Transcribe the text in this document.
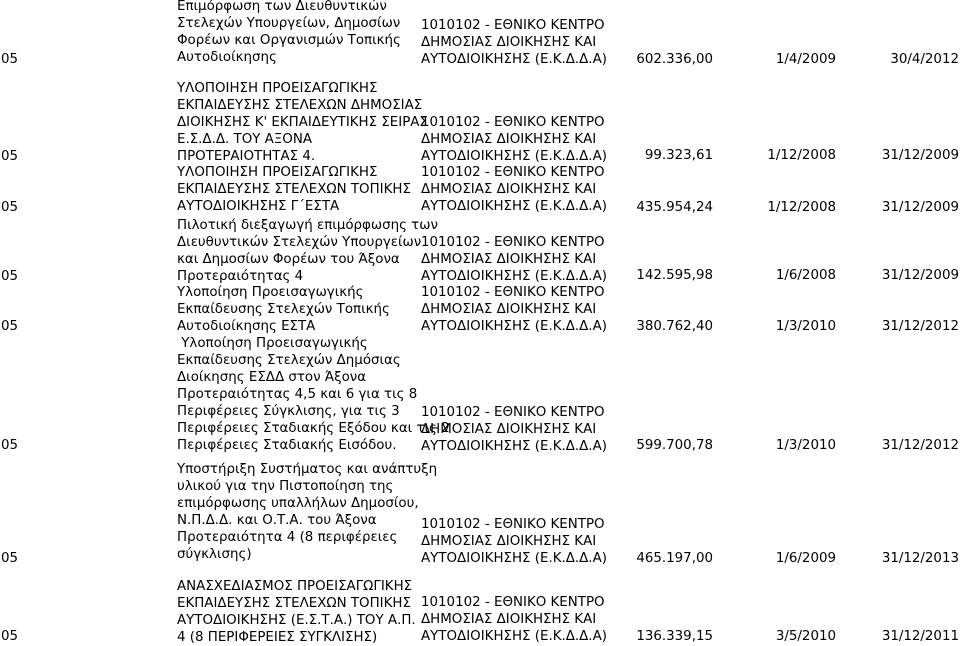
05
Επιμόρφωση των Διευθυντικών
Στελεχών Υπουργείων, Δημοσίων
Φορέων και Οργανισμών Τοπικής
Αυτοδιοίκησης
1010102 - ΕΘΝΙΚΟ ΚΕΝΤΡΟ
ΔΗΜΟΣΙΑΣ ΔΙΟΙΚΗΣΗΣ ΚΑΙ
ΑΥΤΟΔΙΟΙΚΗΣΗΣ (Ε.Κ.Δ.Δ.Α)	602.336,00	1/4/2009	30/4/2012
05
ΥΛΟΠΟΙΗΣΗ ΠΡΟΕΙΣΑΓΩΓΙΚΗΣ
ΕΚΠΑΙΔΕΥΣΗΣ ΣΤΕΛΕΧΩΝ ΔΗΜΟΣΙΑΣ
ΔΙΟΙΚΗΣΗΣ Κ' ΕΚΠΑΙΔΕΥΤΙΚΗΣ ΣΕΙΡΑΣ
Ε.Σ.Δ.Δ. ΤΟΥ ΑΞΟΝΑ
ΠΡΟΤΕΡΑΙΟΤΗΤΑΣ 4.
1010102 - ΕΘΝΙΚΟ ΚΕΝΤΡΟ
ΔΗΜΟΣΙΑΣ ΔΙΟΙΚΗΣΗΣ ΚΑΙ
ΑΥΤΟΔΙΟΙΚΗΣΗΣ (Ε.Κ.Δ.Δ.Α)	99.323,61	1/12/2008	31/12/2009
05
ΥΛΟΠΟΙΗΣΗ ΠΡΟΕΙΣΑΓΩΓΙΚΗΣ
ΕΚΠΑΙΔΕΥΣΗΣ ΣΤΕΛΕΧΩΝ ΤΟΠΙΚΗΣ
ΑΥΤΟΔΙΟΙΚΗΣΗΣ Γ΄ΕΣΤΑ
1010102 - ΕΘΝΙΚΟ ΚΕΝΤΡΟ
ΔΗΜΟΣΙΑΣ ΔΙΟΙΚΗΣΗΣ ΚΑΙ
ΑΥΤΟΔΙΟΙΚΗΣΗΣ (Ε.Κ.Δ.Δ.Α)	435.954,24	1/12/2008	31/12/2009
05
Πιλοτική διεξαγωγή επιμόρφωσης των
Διευθυντικών Στελεχών Υπουργείων
και Δημοσίων Φορέων του Άξονα
Προτεραιότητας 4
1010102 - ΕΘΝΙΚΟ ΚΕΝΤΡΟ
ΔΗΜΟΣΙΑΣ ΔΙΟΙΚΗΣΗΣ ΚΑΙ
ΑΥΤΟΔΙΟΙΚΗΣΗΣ (Ε.Κ.Δ.Δ.Α)	142.595,98	1/6/2008	31/12/2009
05
Υλοποίηση Προεισαγωγικής
Εκπαίδευσης Στελεχών Τοπικής
Αυτοδιοίκησης ΕΣΤΑ
1010102 - ΕΘΝΙΚΟ ΚΕΝΤΡΟ
ΔΗΜΟΣΙΑΣ ΔΙΟΙΚΗΣΗΣ ΚΑΙ
ΑΥΤΟΔΙΟΙΚΗΣΗΣ (Ε.Κ.Δ.Δ.Α)	380.762,40	1/3/2010	31/12/2012
05
Υλοποίηση Προεισαγωγικής
Εκπαίδευσης Στελεχών Δημόσιας
Διοίκησης ΕΣΔΔ στον Άξονα
Προτεραιότητας 4,5 και 6 για τις 8
Περιφέρειες Σύγκλισης, για τις 3
Περιφέρειες Σταδιακής Εξόδου και τις 2
Περιφέρειες Σταδιακής Εισόδου.
1010102 - ΕΘΝΙΚΟ ΚΕΝΤΡΟ
ΔΗΜΟΣΙΑΣ ΔΙΟΙΚΗΣΗΣ ΚΑΙ
ΑΥΤΟΔΙΟΙΚΗΣΗΣ (Ε.Κ.Δ.Δ.Α)	599.700,78	1/3/2010	31/12/2012
05
Υποστήριξη Συστήματος και ανάπτυξη
υλικού για την Πιστοποίηση της
επιμόρφωσης υπαλλήλων Δημοσίου,
Ν.Π.Δ.Δ. και Ο.Τ.Α. του Άξονα
Προτεραιότητα 4 (8 περιφέρειες
σύγκλισης)
1010102 - ΕΘΝΙΚΟ ΚΕΝΤΡΟ
ΔΗΜΟΣΙΑΣ ΔΙΟΙΚΗΣΗΣ ΚΑΙ
ΑΥΤΟΔΙΟΙΚΗΣΗΣ (Ε.Κ.Δ.Δ.Α)	465.197,00	1/6/2009	31/12/2013
05
ΑΝΑΣΧΕΔΙΑΣΜΟΣ ΠΡΟΕΙΣΑΓΩΓΙΚΗΣ
ΕΚΠΑΙΔΕΥΣΗΣ ΣΤΕΛΕΧΩΝ ΤΟΠΙΚΗΣ
ΑΥΤΟΔΙΟΙΚΗΣΗΣ (Ε.Σ.Τ.Α.) ΤΟΥ Α.Π.
4 (8 ΠΕΡΙΦΕΡΕΙΕΣ ΣΥΓΚΛΙΣΗΣ)
1010102 - ΕΘΝΙΚΟ ΚΕΝΤΡΟ
ΔΗΜΟΣΙΑΣ ΔΙΟΙΚΗΣΗΣ ΚΑΙ
ΑΥΤΟΔΙΟΙΚΗΣΗΣ (Ε.Κ.Δ.Δ.Α)	136.339,15	3/5/2010	31/12/2011
